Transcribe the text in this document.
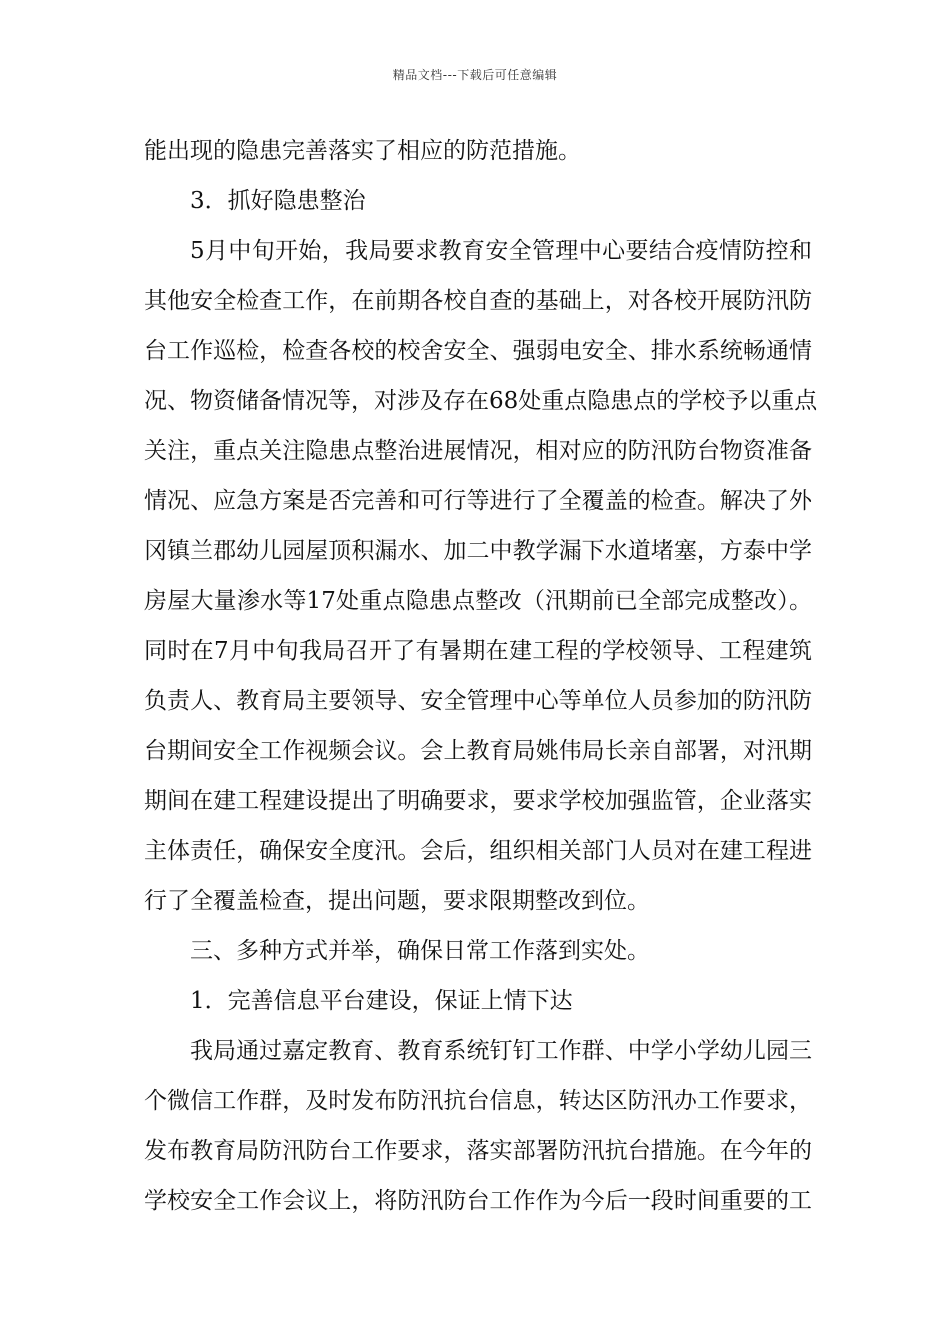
精品文档---下载后可任意编辑
能出现的隐患完善落实了相应的防范措施。
3．抓好隐患整治
5月中旬开始，我局要求教育安全管理中心要结合疫情防控和
其他安全检查工作，在前期各校自查的基础上，对各校开展防汛防
台工作巡检，检查各校的校舍安全、强弱电安全、排水系统畅通情
况、物资储备情况等，对涉及存在68处重点隐患点的学校予以重点
关注，重点关注隐患点整治进展情况，相对应的防汛防台物资准备
情况、应急方案是否完善和可行等进行了全覆盖的检查。解决了外
冈镇兰郡幼儿园屋顶积漏水、加二中教学漏下水道堵塞，方泰中学
房屋大量渗水等17处重点隐患点整改（汛期前已全部完成整改）。
同时在7月中旬我局召开了有暑期在建工程的学校领导、工程建筑
负责人、教育局主要领导、安全管理中心等单位人员参加的防汛防
台期间安全工作视频会议。会上教育局姚伟局长亲自部署，对汛期
期间在建工程建设提出了明确要求，要求学校加强监管，企业落实
主体责任，确保安全度汛。会后，组织相关部门人员对在建工程进
行了全覆盖检查，提出问题，要求限期整改到位。
三、多种方式并举，确保日常工作落到实处。
1．完善信息平台建设，保证上情下达
我局通过嘉定教育、教育系统钉钉工作群、中学小学幼儿园三
个微信工作群，及时发布防汛抗台信息，转达区防汛办工作要求，
发布教育局防汛防台工作要求，落实部署防汛抗台措施。在今年的
学校安全工作会议上，将防汛防台工作作为今后一段时间重要的工
